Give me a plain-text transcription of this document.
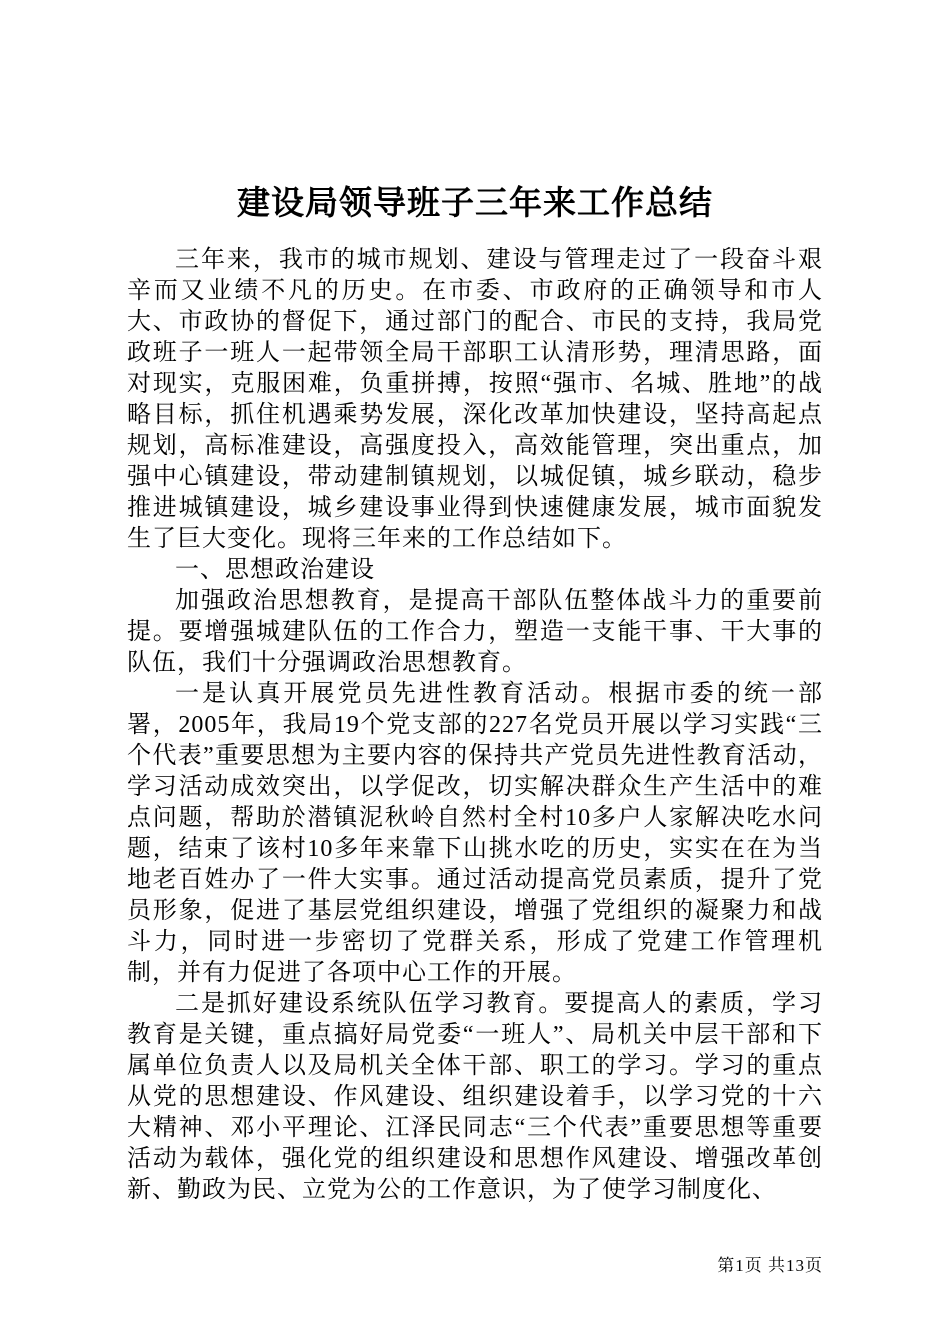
建设局领导班子三年来工作总结

三年来，我市的城市规划、建设与管理走过了一段奋斗艰辛而又业绩不凡的历史。在市委、市政府的正确领导和市人大、市政协的督促下，通过部门的配合、市民的支持，我局党政班子一班人一起带领全局干部职工认清形势，理清思路，面对现实，克服困难，负重拼搏，按照“强市、名城、胜地”的战略目标，抓住机遇乘势发展，深化改革加快建设，坚持高起点规划，高标准建设，高强度投入，高效能管理，突出重点，加强中心镇建设，带动建制镇规划，以城促镇，城乡联动，稳步推进城镇建设，城乡建设事业得到快速健康发展，城市面貌发生了巨大变化。现将三年来的工作总结如下。

一、思想政治建设

加强政治思想教育，是提高干部队伍整体战斗力的重要前提。要增强城建队伍的工作合力，塑造一支能干事、干大事的队伍，我们十分强调政治思想教育。

一是认真开展党员先进性教育活动。根据市委的统一部署，2005年，我局19个党支部的227名党员开展以学习实践“三个代表”重要思想为主要内容的保持共产党员先进性教育活动，学习活动成效突出，以学促改，切实解决群众生产生活中的难点问题，帮助於潜镇泥秋岭自然村全村10多户人家解决吃水问题，结束了该村10多年来靠下山挑水吃的历史，实实在在为当地老百姓办了一件大实事。通过活动提高党员素质，提升了党员形象，促进了基层党组织建设，增强了党组织的凝聚力和战斗力，同时进一步密切了党群关系，形成了党建工作管理机制，并有力促进了各项中心工作的开展。

二是抓好建设系统队伍学习教育。要提高人的素质，学习教育是关键，重点搞好局党委“一班人”、局机关中层干部和下属单位负责人以及局机关全体干部、职工的学习。学习的重点从党的思想建设、作风建设、组织建设着手，以学习党的十六大精神、邓小平理论、江泽民同志“三个代表”重要思想等重要活动为载体，强化党的组织建设和思想作风建设、增强改革创新、勤政为民、立党为公的工作意识，为了使学习制度化、

第1页 共13页
